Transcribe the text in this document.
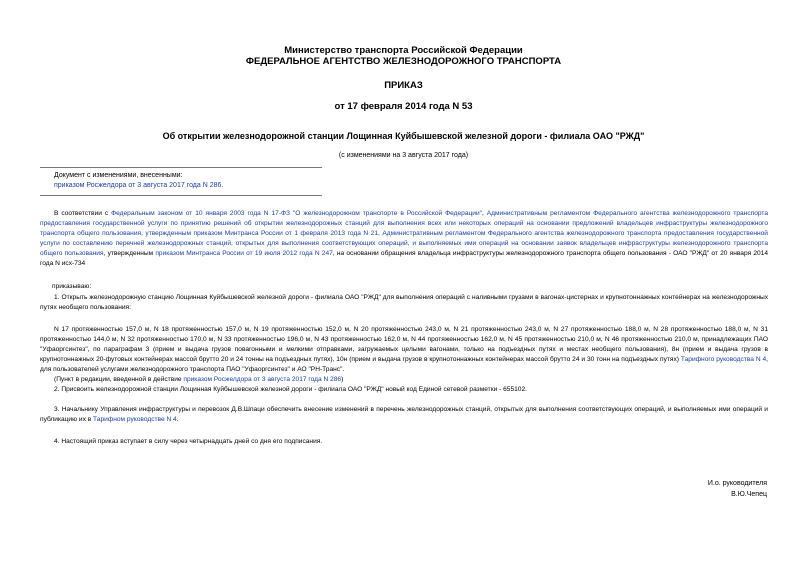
Министерство транспорта Российской Федерации
ФЕДЕРАЛЬНОЕ АГЕНТСТВО ЖЕЛЕЗНОДОРОЖНОГО ТРАНСПОРТА
ПРИКАЗ
от 17 февраля 2014 года N 53
Об открытии железнодорожной станции Лощинная Куйбышевской железной дороги - филиала ОАО "РЖД"
(с изменениями на 3 августа 2017 года)
Документ с изменениями, внесенными:
приказом Росжелдора от 3 августа 2017 года N 286.
В соответствии с Федеральным законом от 10 января 2003 года N 17-ФЗ "О железнодорожном транспорте в Российской Федерации", Административным регламентом Федерального агентства железнодорожного транспорта предоставления государственной услуги по принятию решений об открытии железнодорожных станций для выполнения всех или некоторых операций на основании предложений владельцев инфраструктуры железнодорожного транспорта общего пользования, утвержденным приказом Минтранса России от 1 февраля 2013 года N 21, Административным регламентом Федерального агентства железнодорожного транспорта предоставления государственной услуги по составлению перечней железнодорожных станций, открытых для выполнения соответствующих операций, и выполняемых ими операций на основании заявок владельцев инфраструктуры железнодорожного транспорта общего пользования, утвержденным приказом Минтранса России от 19 июля 2012 года N 247, на основании обращения владельца инфраструктуры железнодорожного транспорта общего пользования - ОАО "РЖД" от 20 января 2014 года N исх-734
приказываю:
1. Открыть железнодорожную станцию Лощинная Куйбышевской железной дороги - филиала ОАО "РЖД" для выполнения операций с наливными грузами в вагонах-цистернах и крупнотоннажных контейнерах на железнодорожных путях необщего пользования:
N 17 протяженностью 157,0 м, N 18 протяженностью 157,0 м, N 19 протяженностью 152,0 м, N 20 протяженностью 243,0 м, N 21 протяженностью 243,0 м, N 27 протяженностью 188,0 м, N 28 протяженностью 188,0 м, N 31 протяженностью 144,0 м, N 32 протяженностью 170,0 м, N 33 протяженностью 196,0 м, N 43 протяженностью 162,0 м, N 44 протяженностью 162,0 м, N 45 протяженностью 210,0 м, N 46 протяженностью 210,0 м, принадлежащих ПАО "Уфаоргсинтез", по параграфам 3 (прием и выдача грузов повагонными и мелкими отправками, загружаемых целыми вагонами, только на подъездных путях и местах необщего пользования), 8н (прием и выдача грузов в крупнотоннажных 20-футовых контейнерах массой брутто 20 и 24 тонны на подъездных путях), 10н (прием и выдача грузов в крупнотоннажных контейнерах массой брутто 24 и 30 тонн на подъездных путях) Тарифного руководства N 4, для пользователей услугами железнодорожного транспорта ПАО "Уфаоргсинтез" и АО "РН-Транс".
(Пункт в редакции, введенной в действие приказом Росжелдора от 3 августа 2017 года N 286)
2. Присвоить железнодорожной станции Лощинная Куйбышевской железной дороги - филиала ОАО "РЖД" новый код Единой сетевой разметки - 655102.
3. Начальнику Управления инфраструктуры и перевозок Д.В.Шпаци обеспечить внесение изменений в перечень железнодорожных станций, открытых для выполнения соответствующих операций, и выполняемых ими операций и публикацию их в Тарифном руководстве N 4.
4. Настоящий приказ вступает в силу через четырнадцать дней со дня его подписания.
И.о. руководителя
В.Ю.Чепец
